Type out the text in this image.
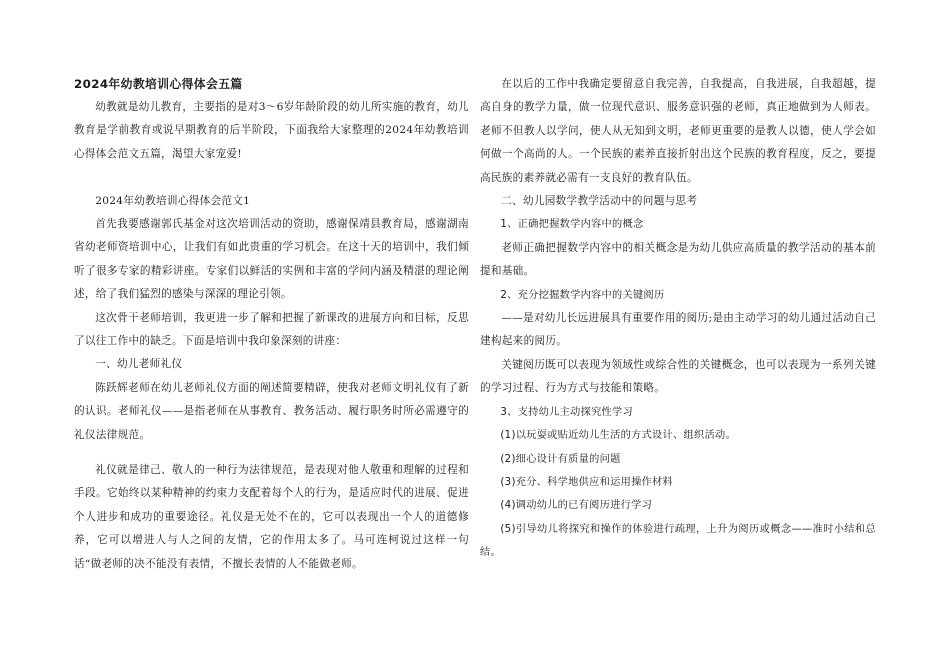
2024年幼教培训心得体会五篇

幼教就是幼儿教育，主要指的是对3～6岁年龄阶段的幼儿所实施的教育，幼儿教育是学前教育或说早期教育的后半阶段，下面我给大家整理的2024年幼教培训心得体会范文五篇，渴望大家宠爱!

2024年幼教培训心得体会范文1

首先我要感谢郭氏基金对这次培训活动的资助，感谢保靖县教育局，感谢湖南省幼老师资培训中心，让我们有如此贵重的学习机会。在这十天的培训中，我们倾听了很多专家的精彩讲座。专家们以鲜活的实例和丰富的学问内涵及精湛的理论阐述，给了我们猛烈的感染与深深的理论引领。

这次骨干老师培训，我更进一步了解和把握了新课改的进展方向和目标，反思了以往工作中的缺乏。下面是培训中我印象深刻的讲座：

一、幼儿老师礼仪

陈跃辉老师在幼儿老师礼仪方面的阐述简要精辟，使我对老师文明礼仪有了新的认识。老师礼仪——是指老师在从事教育、教务活动、履行职务时所必需遵守的礼仪法律规范。

礼仪就是律己、敬人的一种行为法律规范，是表现对他人敬重和理解的过程和手段。它始终以某种精神的约束力支配着每个人的行为，是适应时代的进展、促进个人进步和成功的重要途径。礼仪是无处不在的，它可以表现出一个人的道德修养，它可以增进人与人之间的友情，它的作用太多了。马可连柯说过这样一句话“做老师的决不能没有表情，不擅长表情的人不能做老师。

在以后的工作中我确定要留意自我完善，自我提高，自我进展，自我超越，提高自身的教学力量，做一位现代意识、服务意识强的老师，真正地做到为人师表。老师不但教人以学问，使人从无知到文明，老师更重要的是教人以德，使人学会如何做一个高尚的人。一个民族的素养直接折射出这个民族的教育程度，反之，要提高民族的素养就必需有一支良好的教育队伍。

二、幼儿园数学教学活动中的问题与思考

1、正确把握数学内容中的概念

老师正确把握数学内容中的相关概念是为幼儿供应高质量的教学活动的基本前提和基础。

2、充分挖掘数学内容中的关键阅历

——是对幼儿长远进展具有重要作用的阅历;是由主动学习的幼儿通过活动自己建构起来的阅历。

关键阅历既可以表现为领域性或综合性的关键概念，也可以表现为一系列关键的学习过程、行为方式与技能和策略。

3、支持幼儿主动探究性学习

(1)以玩耍或贴近幼儿生活的方式设计、组织活动。

(2)细心设计有质量的问题

(3)充分、科学地供应和运用操作材料

(4)调动幼儿的已有阅历进行学习

(5)引导幼儿将探究和操作的体验进行疏理，上升为阅历或概念——准时小结和总结。
